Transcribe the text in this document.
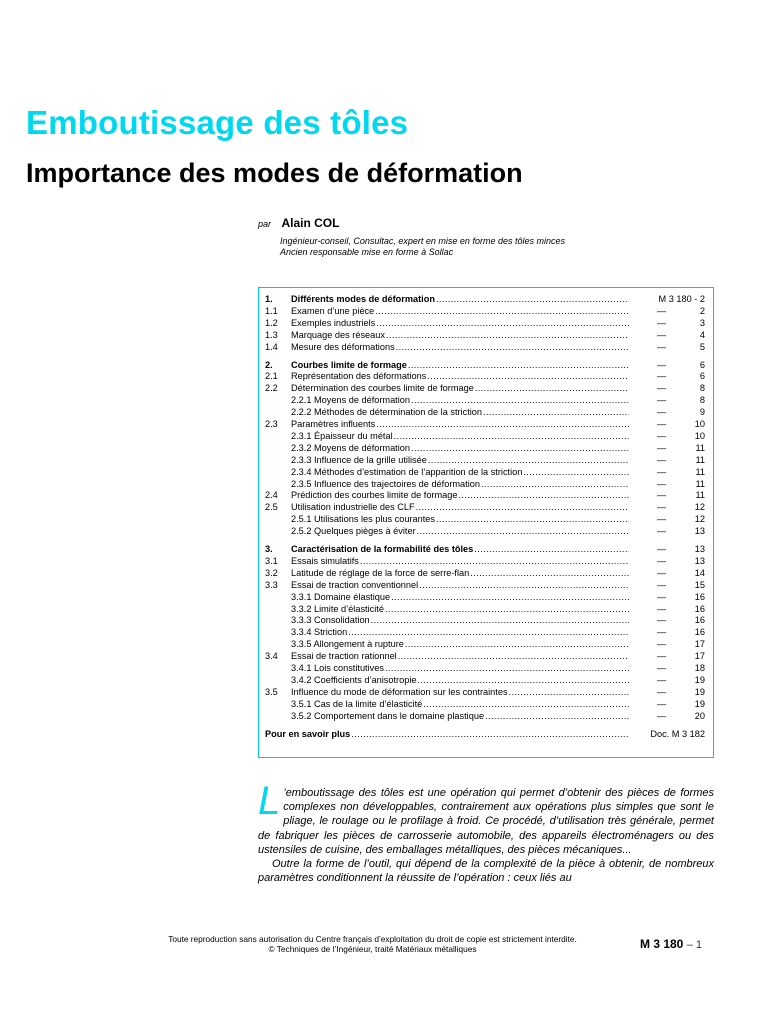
Emboutissage des tôles
Importance des modes de déformation
par Alain COL
Ingénieur-conseil, Consultac, expert en mise en forme des tôles minces
Ancien responsable mise en forme à Sollac
1. Différents modes de déformation .....	M 3 180 - 2
1.1 Examen d’une pièce .....	—	2
1.2 Exemples industriels .....	—	3
1.3 Marquage des réseaux .....	—	4
1.4 Mesure des déformations .....	—	5
2. Courbes limite de formage .....	—	6
2.1 Représentation des déformations .....	—	6
2.2 Détermination des courbes limite de formage .....	—	8
2.2.1 Moyens de déformation .....	—	8
2.2.2 Méthodes de détermination de la striction .....	—	9
2.3 Paramètres influents .....	—	10
2.3.1 Épaisseur du métal .....	—	10
2.3.2 Moyens de déformation .....	—	11
2.3.3 Influence de la grille utilisée .....	—	11
2.3.4 Méthodes d’estimation de l’apparition de la striction .....	—	11
2.3.5 Influence des trajectoires de déformation .....	—	11
2.4 Prédiction des courbes limite de formage .....	—	11
2.5 Utilisation industrielle des CLF .....	—	12
2.5.1 Utilisations les plus courantes .....	—	12
2.5.2 Quelques pièges à éviter .....	—	13
3. Caractérisation de la formabilité des tôles .....	—	13
3.1 Essais simulatifs .....	—	13
3.2 Latitude de réglage de la force de serre-flan .....	—	14
3.3 Essai de traction conventionnel .....	—	15
3.3.1 Domaine élastique .....	—	16
3.3.2 Limite d’élasticité .....	—	16
3.3.3 Consolidation .....	—	16
3.3.4 Striction .....	—	16
3.3.5 Allongement à rupture .....	—	17
3.4 Essai de traction rationnel .....	—	17
3.4.1 Lois constitutives .....	—	18
3.4.2 Coefficients d’anisotropie .....	—	19
3.5 Influence du mode de déformation sur les contraintes .....	—	19
3.5.1 Cas de la limite d’élasticité .....	—	19
3.5.2 Comportement dans le domaine plastique .....	—	20
Pour en savoir plus .....	Doc. M 3 182
L ’emboutissage des tôles est une opération qui permet d’obtenir des pièces de formes complexes non développables, contrairement aux opérations plus simples que sont le pliage, le roulage ou le profilage à froid. Ce procédé, d’utilisation très générale, permet de fabriquer les pièces de carrosserie automobile, des appareils électroménagers ou des ustensiles de cuisine, des emballages métalliques, des pièces mécaniques...
Outre la forme de l’outil, qui dépend de la complexité de la pièce à obtenir, de nombreux paramètres conditionnent la réussite de l’opération : ceux liés au
Toute reproduction sans autorisation du Centre français d’exploitation du droit de copie est strictement interdite.
© Techniques de l’Ingénieur, traité Matériaux métalliques	M 3 180 – 1
